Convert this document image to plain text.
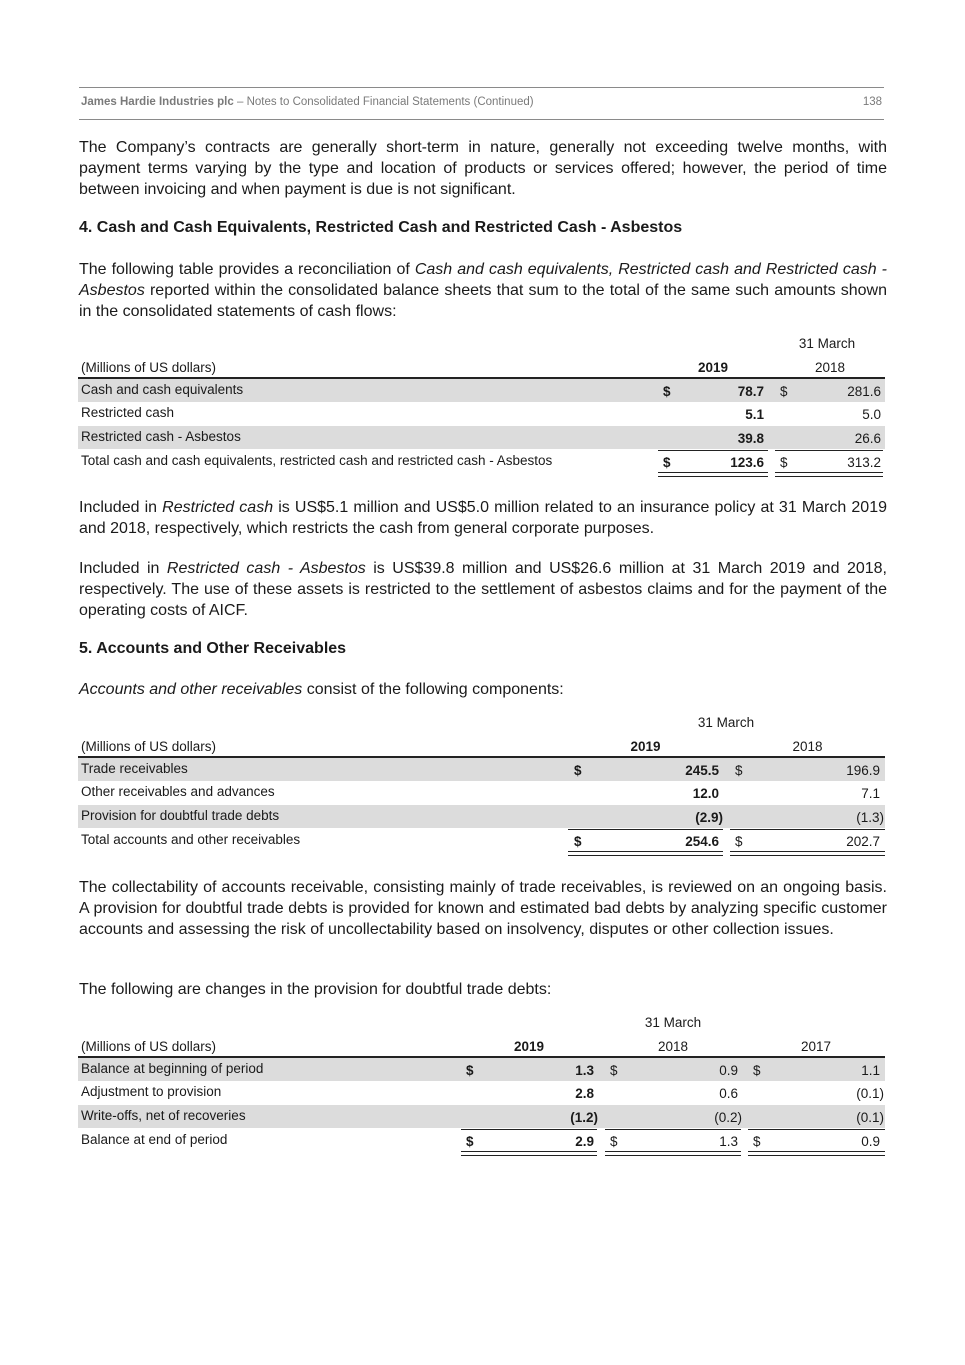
James Hardie Industries plc – Notes to Consolidated Financial Statements (Continued)	138
The Company’s contracts are generally short-term in nature, generally not exceeding twelve months, with payment terms varying by the type and location of products or services offered; however, the period of time between invoicing and when payment is due is not significant.
4. Cash and Cash Equivalents, Restricted Cash and Restricted Cash - Asbestos
The following table provides a reconciliation of Cash and cash equivalents, Restricted cash and Restricted cash - Asbestos reported within the consolidated balance sheets that sum to the total of the same such amounts shown in the consolidated statements of cash flows:
31 March
(Millions of US dollars)	2019	2018
Cash and cash equivalents	$	78.7 $	281.6
Restricted cash	5.1	5.0
Restricted cash - Asbestos	39.8	26.6
Total cash and cash equivalents, restricted cash and restricted cash - Asbestos	$	123.6 $	313.2
Included in Restricted cash is US$5.1 million and US$5.0 million related to an insurance policy at 31 March 2019 and 2018, respectively, which restricts the cash from general corporate purposes.
Included in Restricted cash - Asbestos is US$39.8 million and US$26.6 million at 31 March 2019 and 2018, respectively. The use of these assets is restricted to the settlement of asbestos claims and for the payment of the operating costs of AICF.
5. Accounts and Other Receivables
Accounts and other receivables consist of the following components:
31 March
(Millions of US dollars)	2019	2018
Trade receivables	$	245.5 $	196.9
Other receivables and advances	12.0	7.1
Provision for doubtful trade debts	(2.9)	(1.3)
Total accounts and other receivables	$	254.6 $	202.7
The collectability of accounts receivable, consisting mainly of trade receivables, is reviewed on an ongoing basis. A provision for doubtful trade debts is provided for known and estimated bad debts by analyzing specific customer accounts and assessing the risk of uncollectability based on insolvency, disputes or other collection issues.
The following are changes in the provision for doubtful trade debts:
31 March
(Millions of US dollars)	2019	2018	2017
Balance at beginning of period	$	1.3 $	0.9 $	1.1
Adjustment to provision	2.8	0.6	(0.1)
Write-offs, net of recoveries	(1.2)	(0.2)	(0.1)
Balance at end of period	$	2.9 $	1.3 $	0.9
